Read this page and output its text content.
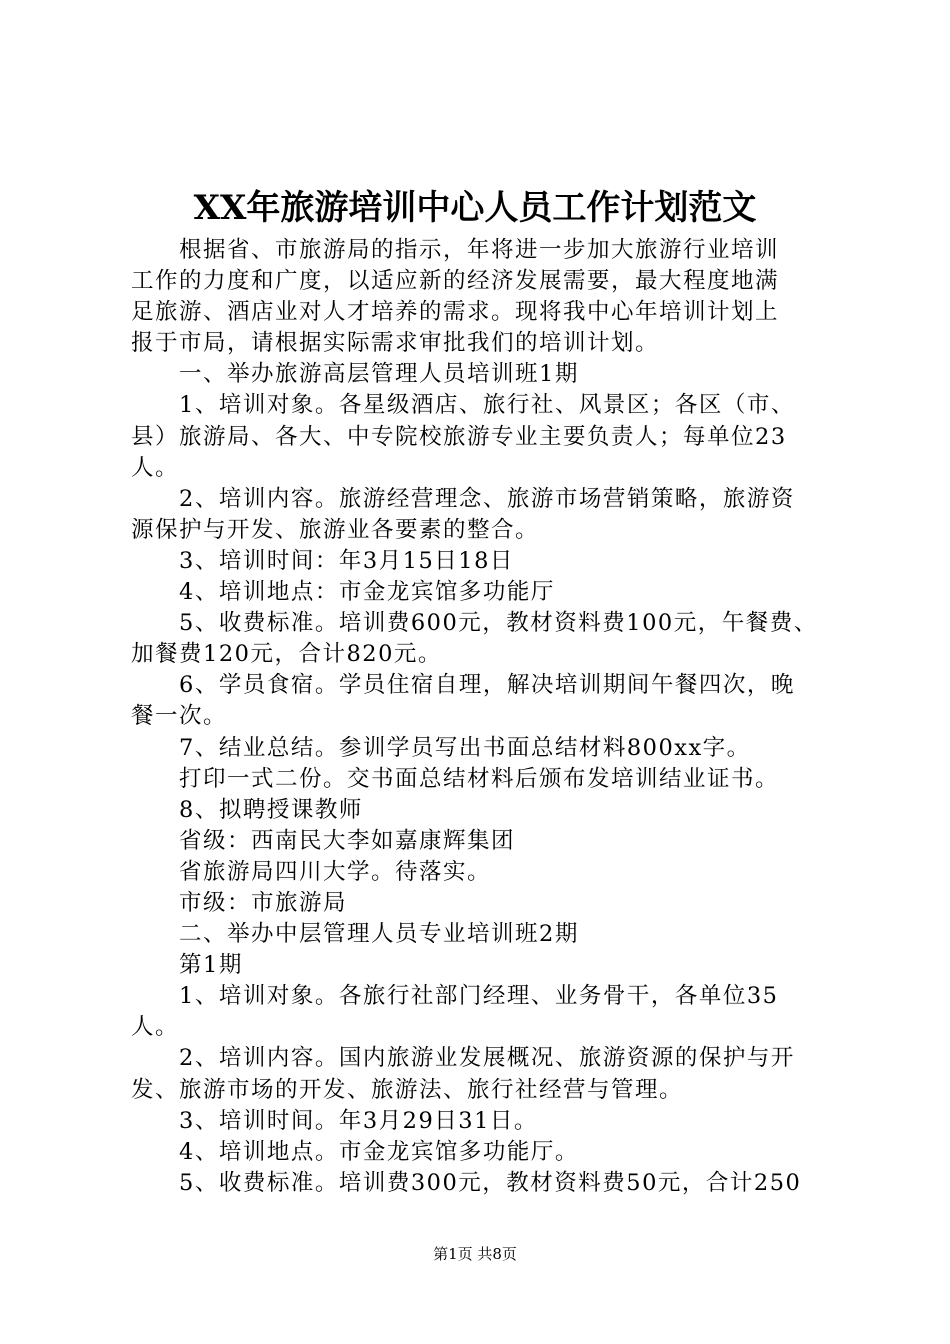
XX年旅游培训中心人员工作计划范文

根据省、市旅游局的指示，年将进一步加大旅游行业培训

工作的力度和广度，以适应新的经济发展需要，最大程度地满

足旅游、酒店业对人才培养的需求。现将我中心年培训计划上

报于市局，请根据实际需求审批我们的培训计划。

一、举办旅游高层管理人员培训班1期

1、培训对象。各星级酒店、旅行社、风景区；各区（市、

县）旅游局、各大、中专院校旅游专业主要负责人；每单位23

人。

2、培训内容。旅游经营理念、旅游市场营销策略，旅游资

源保护与开发、旅游业各要素的整合。

3、培训时间：年3月15日18日

4、培训地点：市金龙宾馆多功能厅

5、收费标准。培训费600元，教材资料费100元，午餐费、

加餐费120元，合计820元。

6、学员食宿。学员住宿自理，解决培训期间午餐四次，晚

餐一次。

7、结业总结。参训学员写出书面总结材料800xx字。

打印一式二份。交书面总结材料后颁布发培训结业证书。

8、拟聘授课教师

省级：西南民大李如嘉康辉集团

省旅游局四川大学。待落实。

市级：市旅游局

二、举办中层管理人员专业培训班2期

第1期

1、培训对象。各旅行社部门经理、业务骨干，各单位35

人。

2、培训内容。国内旅游业发展概况、旅游资源的保护与开

发、旅游市场的开发、旅游法、旅行社经营与管理。

3、培训时间。年3月29日31日。

4、培训地点。市金龙宾馆多功能厅。

5、收费标准。培训费300元，教材资料费50元，合计250

第1页 共8页
